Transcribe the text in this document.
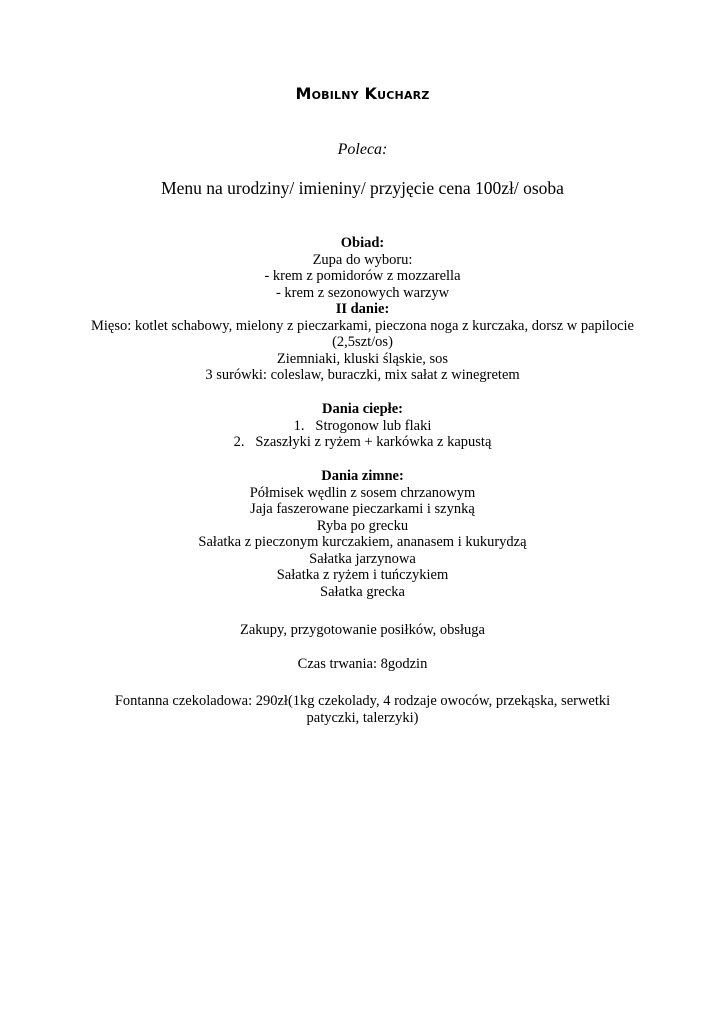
Mobilny Kucharz
Poleca:
Menu na urodziny/ imieniny/ przyjęcie cena 100zł/ osoba
Obiad:
Zupa do wyboru:
- krem z pomidorów z mozzarella
- krem z sezonowych warzyw
II danie:
Mięso: kotlet schabowy, mielony z pieczarkami, pieczona noga z kurczaka, dorsz w papilocie
(2,5szt/os)
Ziemniaki, kluski śląskie, sos
3 surówki: coleslaw, buraczki, mix sałat z winegretem
Dania ciepłe:
1. Strogonow lub flaki
2. Szaszłyki z ryżem + karkówka z kapustą
Dania zimne:
Półmisek wędlin z sosem chrzanowym
Jaja faszerowane pieczarkami i szynką
Ryba po grecku
Sałatka z pieczonym kurczakiem, ananasem i kukurydzą
Sałatka jarzynowa
Sałatka z ryżem i tuńczykiem
Sałatka grecka
Zakupy, przygotowanie posiłków, obsługa
Czas trwania: 8godzin
Fontanna czekoladowa: 290zł(1kg czekolady, 4 rodzaje owoców, przekąska, serwetki
patyczki, talerzyki)
